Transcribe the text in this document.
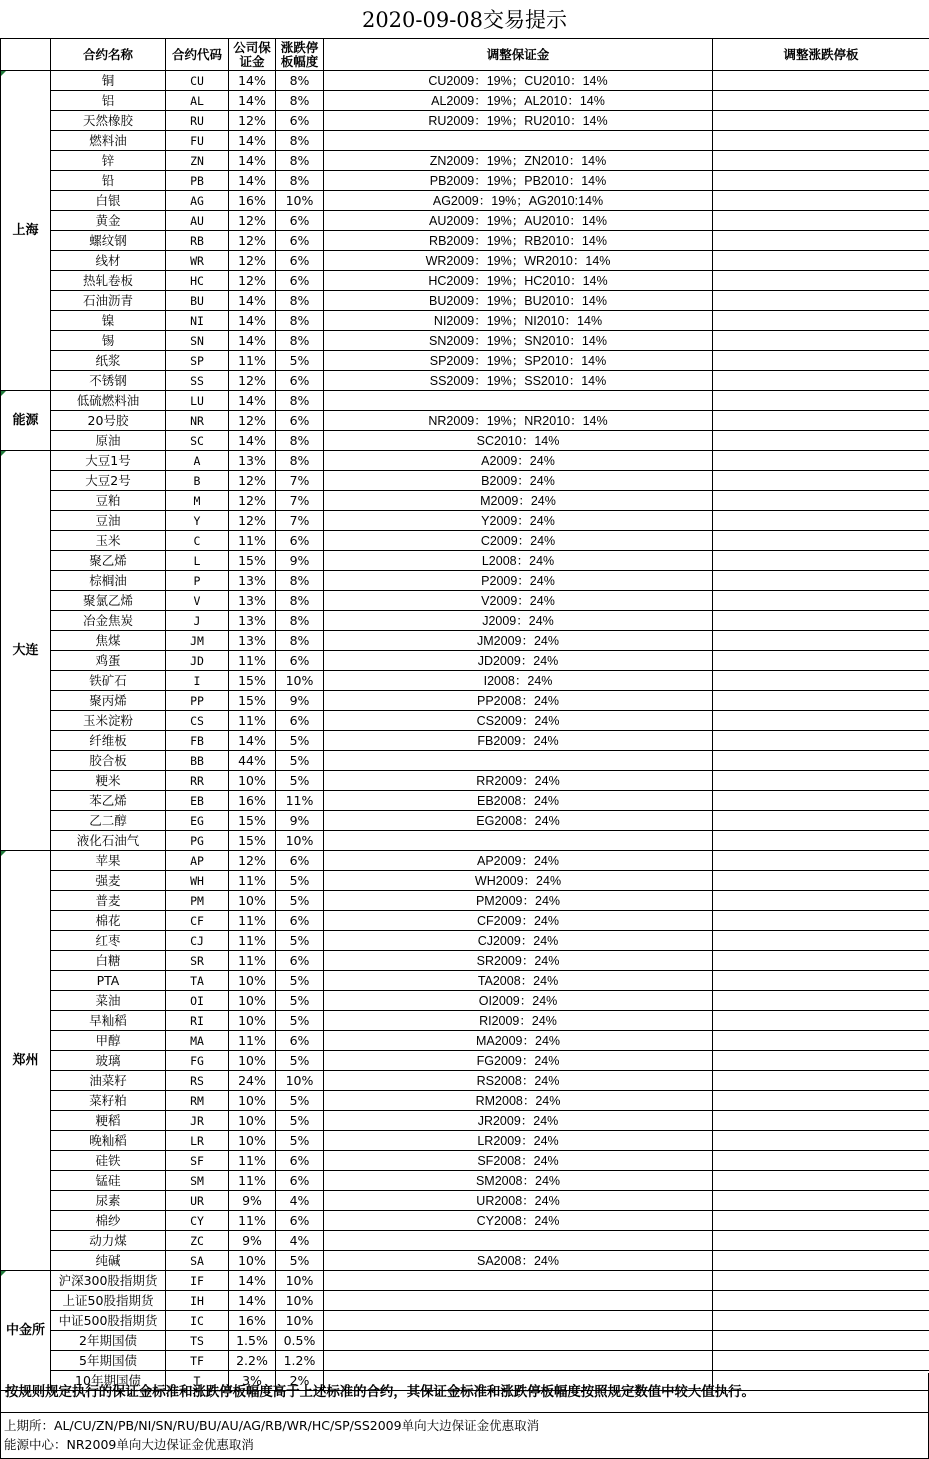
2020-09-08交易提示
	合约名称	合约代码	公司保证金	涨跌停板幅度	调整保证金	调整涨跌停板
上海	铜	CU	14%	8%	CU2009：19%；CU2010：14%	
	铝	AL	14%	8%	AL2009：19%；AL2010：14%	
	天然橡胶	RU	12%	6%	RU2009：19%；RU2010：14%	
	燃料油	FU	14%	8%		
	锌	ZN	14%	8%	ZN2009：19%；ZN2010：14%	
	铅	PB	14%	8%	PB2009：19%；PB2010：14%	
	白银	AG	16%	10%	AG2009：19%；AG2010:14%	
	黄金	AU	12%	6%	AU2009：19%；AU2010：14%	
	螺纹钢	RB	12%	6%	RB2009：19%；RB2010：14%	
	线材	WR	12%	6%	WR2009：19%；WR2010：14%	
	热轧卷板	HC	12%	6%	HC2009：19%；HC2010：14%	
	石油沥青	BU	14%	8%	BU2009：19%；BU2010：14%	
	镍	NI	14%	8%	NI2009：19%；NI2010：14%	
	锡	SN	14%	8%	SN2009：19%；SN2010：14%	
	纸浆	SP	11%	5%	SP2009：19%；SP2010：14%	
	不锈钢	SS	12%	6%	SS2009：19%；SS2010：14%	
能源	低硫燃料油	LU	14%	8%		
	20号胶	NR	12%	6%	NR2009：19%；NR2010：14%	
	原油	SC	14%	8%	SC2010：14%	
大连	大豆1号	A	13%	8%	A2009：24%	
	大豆2号	B	12%	7%	B2009：24%	
	豆粕	M	12%	7%	M2009：24%	
	豆油	Y	12%	7%	Y2009：24%	
	玉米	C	11%	6%	C2009：24%	
	聚乙烯	L	15%	9%	L2008：24%	
	棕榈油	P	13%	8%	P2009：24%	
	聚氯乙烯	V	13%	8%	V2009：24%	
	冶金焦炭	J	13%	8%	J2009：24%	
	焦煤	JM	13%	8%	JM2009：24%	
	鸡蛋	JD	11%	6%	JD2009：24%	
	铁矿石	I	15%	10%	I2008：24%	
	聚丙烯	PP	15%	9%	PP2008：24%	
	玉米淀粉	CS	11%	6%	CS2009：24%	
	纤维板	FB	14%	5%	FB2009：24%	
	胶合板	BB	44%	5%		
	粳米	RR	10%	5%	RR2009：24%	
	苯乙烯	EB	16%	11%	EB2008：24%	
	乙二醇	EG	15%	9%	EG2008：24%	
	液化石油气	PG	15%	10%		
郑州	苹果	AP	12%	6%	AP2009：24%	
	强麦	WH	11%	5%	WH2009：24%	
	普麦	PM	10%	5%	PM2009：24%	
	棉花	CF	11%	6%	CF2009：24%	
	红枣	CJ	11%	5%	CJ2009：24%	
	白糖	SR	11%	6%	SR2009：24%	
	PTA	TA	10%	5%	TA2008：24%	
	菜油	OI	10%	5%	OI2009：24%	
	早籼稻	RI	10%	5%	RI2009：24%	
	甲醇	MA	11%	6%	MA2009：24%	
	玻璃	FG	10%	5%	FG2009：24%	
	油菜籽	RS	24%	10%	RS2008：24%	
	菜籽粕	RM	10%	5%	RM2008：24%	
	粳稻	JR	10%	5%	JR2009：24%	
	晚籼稻	LR	10%	5%	LR2009：24%	
	硅铁	SF	11%	6%	SF2008：24%	
	锰硅	SM	11%	6%	SM2008：24%	
	尿素	UR	9%	4%	UR2008：24%	
	棉纱	CY	11%	6%	CY2008：24%	
	动力煤	ZC	9%	4%		
	纯碱	SA	10%	5%	SA2008：24%	
中金所	沪深300股指期货	IF	14%	10%		
	上证50股指期货	IH	14%	10%		
	中证500股指期货	IC	16%	10%		
	2年期国债	TS	1.5%	0.5%		
	5年期国债	TF	2.2%	1.2%		
	10年期国债	T	3%	2%		
按规则规定执行的保证金标准和涨跌停板幅度高于上述标准的合约，其保证金标准和涨跌停板幅度按照规定数值中较大值执行。
上期所：AL/CU/ZN/PB/NI/SN/RU/BU/AU/AG/RB/WR/HC/SP/SS2009单向大边保证金优惠取消
能源中心：NR2009单向大边保证金优惠取消
